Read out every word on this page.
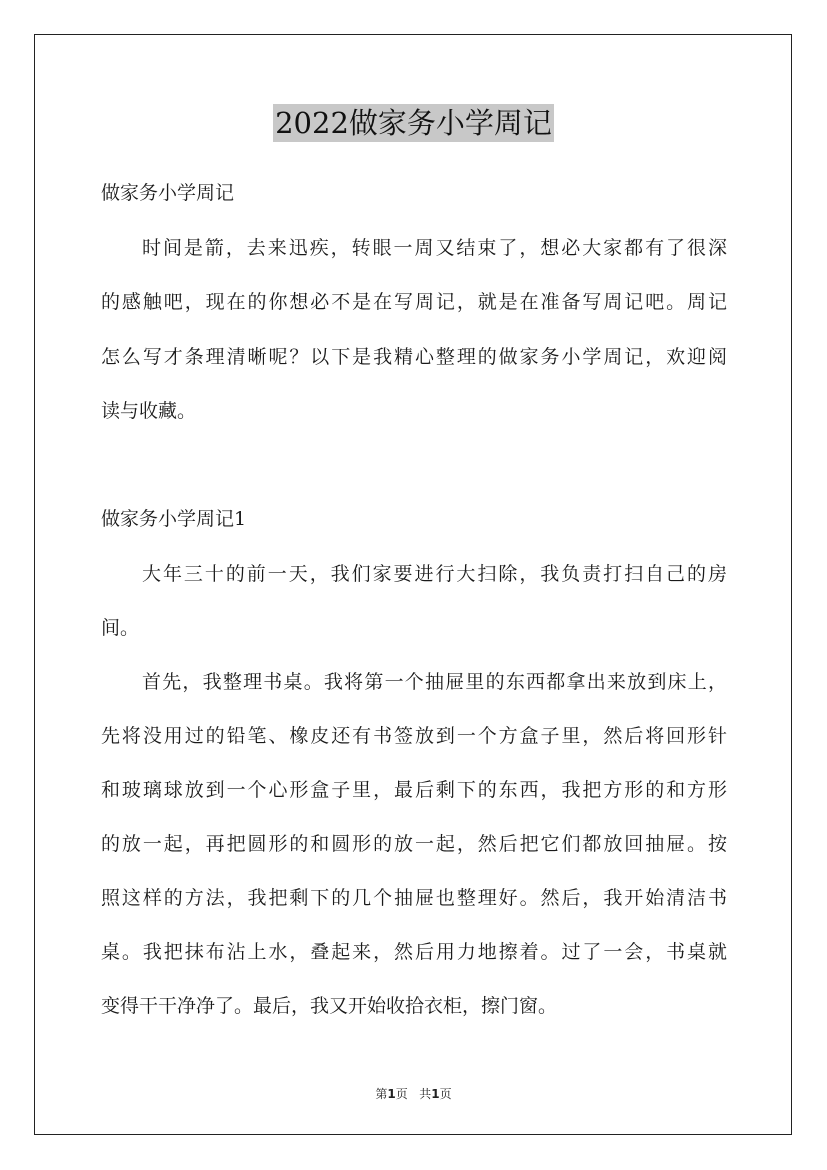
2022做家务小学周记
做家务小学周记
时间是箭，去来迅疾，转眼一周又结束了，想必大家都有了很深
的感触吧，现在的你想必不是在写周记，就是在准备写周记吧。周记
怎么写才条理清晰呢？以下是我精心整理的做家务小学周记，欢迎阅
读与收藏。
做家务小学周记1
大年三十的前一天，我们家要进行大扫除，我负责打扫自己的房
间。
首先，我整理书桌。我将第一个抽屉里的东西都拿出来放到床上，
先将没用过的铅笔、橡皮还有书签放到一个方盒子里，然后将回形针
和玻璃球放到一个心形盒子里，最后剩下的东西，我把方形的和方形
的放一起，再把圆形的和圆形的放一起，然后把它们都放回抽屉。按
照这样的方法，我把剩下的几个抽屉也整理好。然后，我开始清洁书
桌。我把抹布沾上水，叠起来，然后用力地擦着。过了一会，书桌就
变得干干净净了。最后，我又开始收拾衣柜，擦门窗。
第1页 共1页
